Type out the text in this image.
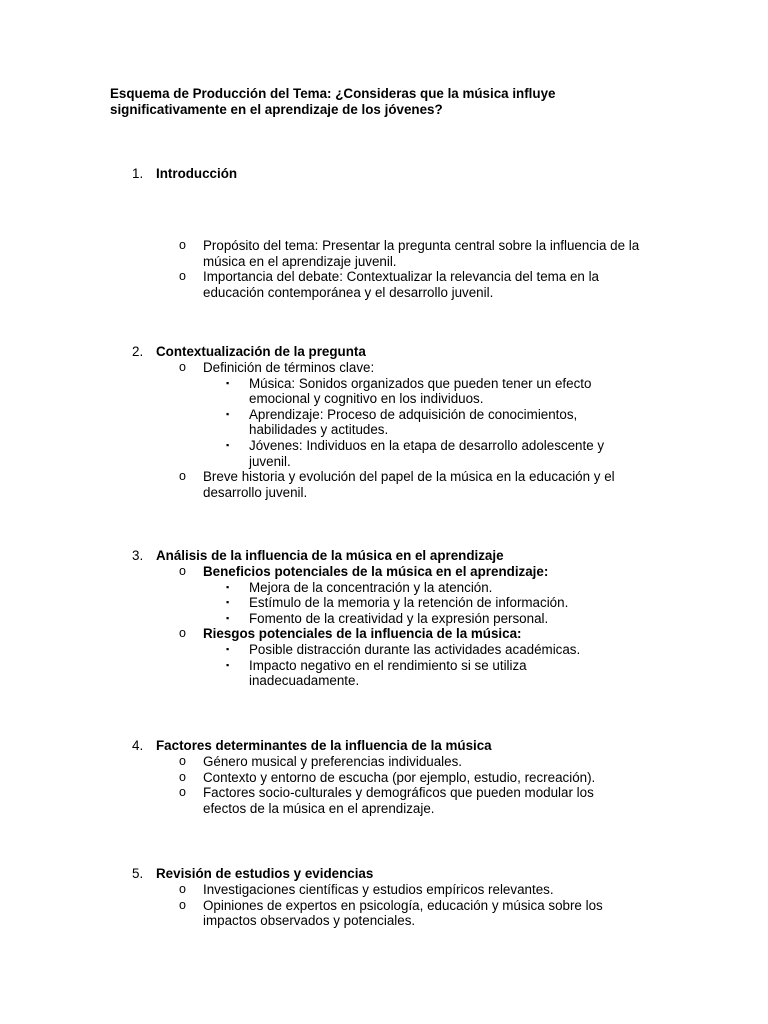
Esquema de Producción del Tema: ¿Consideras que la música influye significativamente en el aprendizaje de los jóvenes?

1. Introducción
o Propósito del tema: Presentar la pregunta central sobre la influencia de la música en el aprendizaje juvenil.
o Importancia del debate: Contextualizar la relevancia del tema en la educación contemporánea y el desarrollo juvenil.
2. Contextualización de la pregunta
o Definición de términos clave:
▪ Música: Sonidos organizados que pueden tener un efecto emocional y cognitivo en los individuos.
▪ Aprendizaje: Proceso de adquisición de conocimientos, habilidades y actitudes.
▪ Jóvenes: Individuos en la etapa de desarrollo adolescente y juvenil.
o Breve historia y evolución del papel de la música en la educación y el desarrollo juvenil.
3. Análisis de la influencia de la música en el aprendizaje
o Beneficios potenciales de la música en el aprendizaje:
▪ Mejora de la concentración y la atención.
▪ Estímulo de la memoria y la retención de información.
▪ Fomento de la creatividad y la expresión personal.
o Riesgos potenciales de la influencia de la música:
▪ Posible distracción durante las actividades académicas.
▪ Impacto negativo en el rendimiento si se utiliza inadecuadamente.
4. Factores determinantes de la influencia de la música
o Género musical y preferencias individuales.
o Contexto y entorno de escucha (por ejemplo, estudio, recreación).
o Factores socio-culturales y demográficos que pueden modular los efectos de la música en el aprendizaje.
5. Revisión de estudios y evidencias
o Investigaciones científicas y estudios empíricos relevantes.
o Opiniones de expertos en psicología, educación y música sobre los impactos observados y potenciales.
